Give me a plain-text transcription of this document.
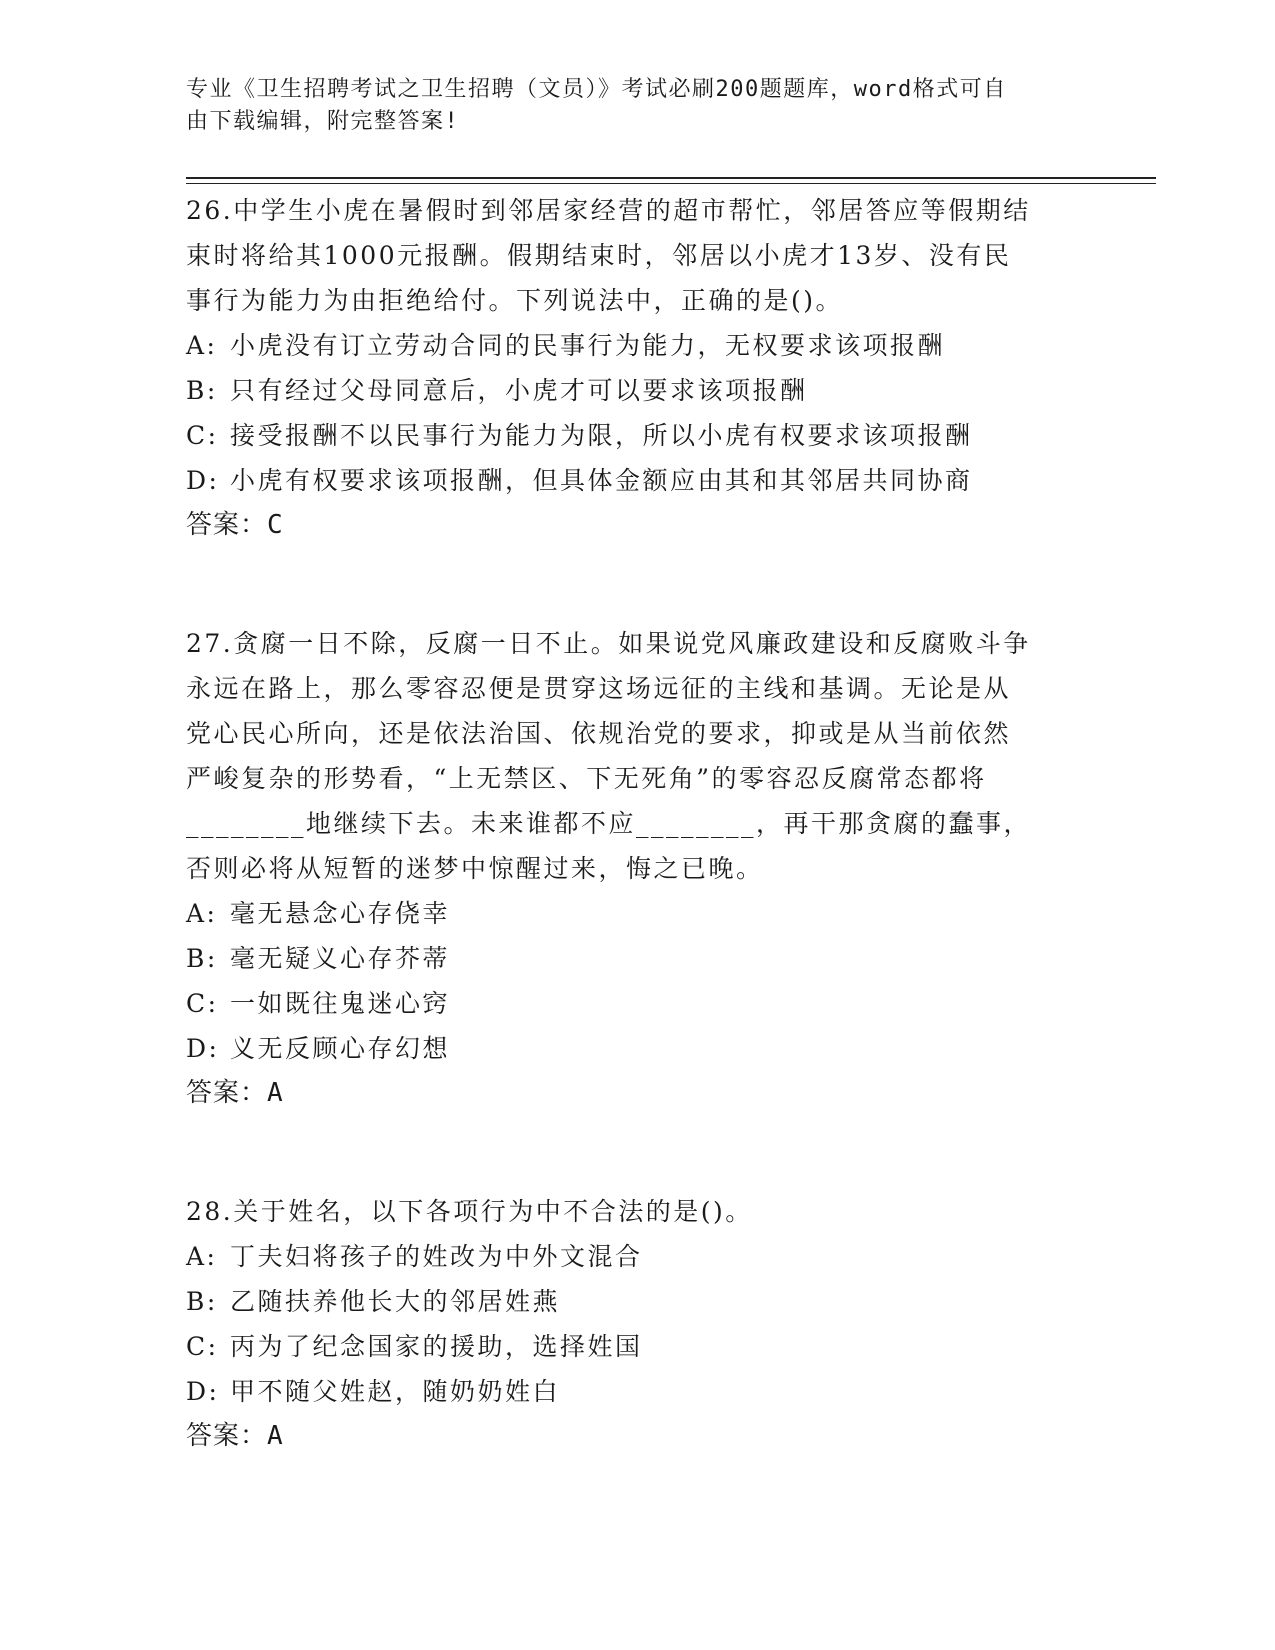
专业《卫生招聘考试之卫生招聘（文员）》考试必刷200题题库，word格式可自
由下载编辑，附完整答案!
26.中学生小虎在暑假时到邻居家经营的超市帮忙，邻居答应等假期结
束时将给其1000元报酬。假期结束时，邻居以小虎才13岁、没有民
事行为能力为由拒绝给付。下列说法中，正确的是()。
A: 小虎没有订立劳动合同的民事行为能力，无权要求该项报酬
B: 只有经过父母同意后，小虎才可以要求该项报酬
C: 接受报酬不以民事行为能力为限，所以小虎有权要求该项报酬
D: 小虎有权要求该项报酬，但具体金额应由其和其邻居共同协商
答案：C
27.贪腐一日不除，反腐一日不止。如果说党风廉政建设和反腐败斗争
永远在路上，那么零容忍便是贯穿这场远征的主线和基调。无论是从
党心民心所向，还是依法治国、依规治党的要求，抑或是从当前依然
严峻复杂的形势看，“上无禁区、下无死角”的零容忍反腐常态都将
________地继续下去。未来谁都不应________，再干那贪腐的蠢事，
否则必将从短暂的迷梦中惊醒过来，悔之已晚。
A: 毫无悬念心存侥幸
B: 毫无疑义心存芥蒂
C: 一如既往鬼迷心窍
D: 义无反顾心存幻想
答案：A
28.关于姓名，以下各项行为中不合法的是()。
A: 丁夫妇将孩子的姓改为中外文混合
B: 乙随扶养他长大的邻居姓燕
C: 丙为了纪念国家的援助，选择姓国
D: 甲不随父姓赵，随奶奶姓白
答案：A
